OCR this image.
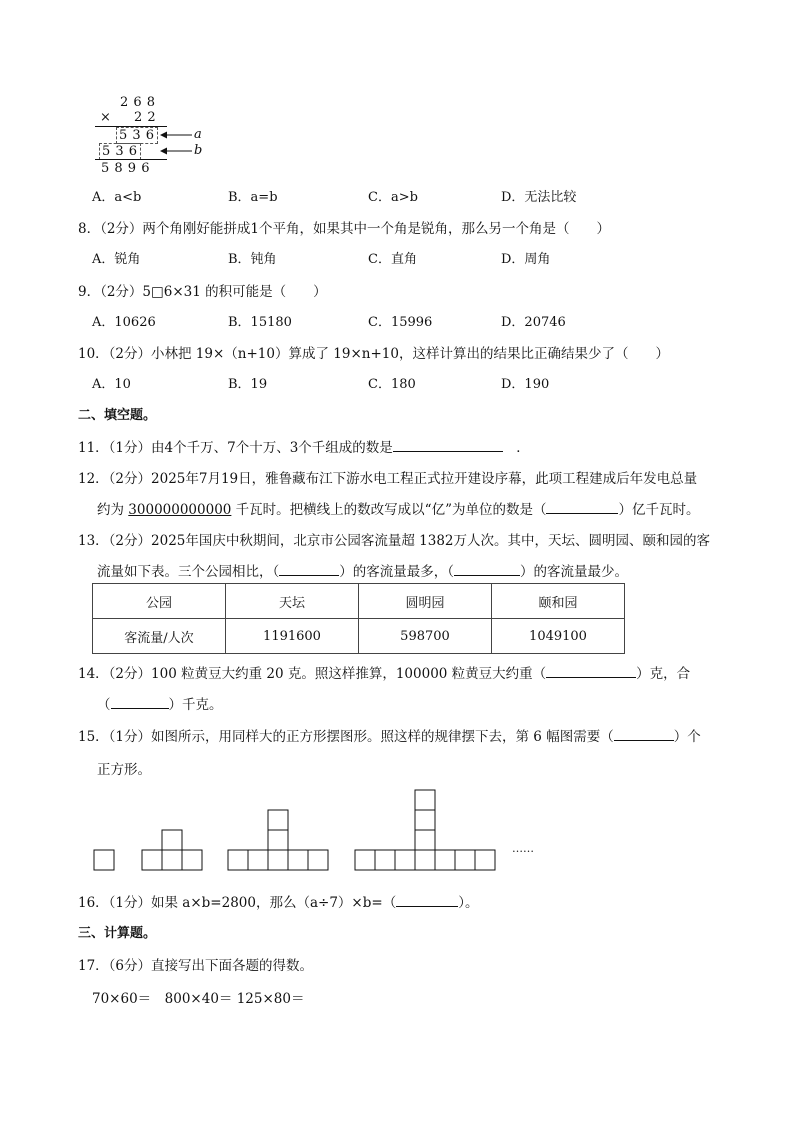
2 6 8
× 2 2
5 3 6
5 3 6
5 8 9 6
a
b
A．a<b	B．a=b	C．a>b	D．无法比较
8．（2分）两个角刚好能拼成1个平角，如果其中一个角是锐角，那么另一个角是（　　）
A．锐角	B．钝角	C．直角	D．周角
9．（2分）5□6×31 的积可能是（　　）
A．10626	B．15180	C．15996	D．20746
10．（2分）小林把 19×（n+10）算成了 19×n+10，这样计算出的结果比正确结果少了（　　）
A．10	B．19	C．180	D．190
二、填空题。
11．（1分）由4个千万、7个十万、3个千组成的数是　	．
12．（2分）2025年7月19日，雅鲁藏布江下游水电工程正式拉开建设序幕，此项工程建成后年发电总量
约为 300000000000 千瓦时。把横线上的数改写成以“亿”为单位的数是（	）亿千瓦时。
13．（2分）2025年国庆中秋期间，北京市公园客流量超 1382万人次。其中，天坛、圆明园、颐和园的客
流量如下表。三个公园相比，（	）的客流量最多，（	）的客流量最少。
公园	天坛	圆明园	颐和园
客流量/人次	1191600	598700	1049100
14．（2分）100 粒黄豆大约重 20 克。照这样推算，100000 粒黄豆大约重（	）克，合
（	）千克。
15．（1分）如图所示，用同样大的正方形摆图形。照这样的规律摆下去，第 6 幅图需要（	）个
正方形。
……
16．（1分）如果 a×b=2800，那么（a÷7）×b=（	）。
三、计算题。
17．（6分）直接写出下面各题的得数。
70×60＝　800×40＝ 125×80＝
